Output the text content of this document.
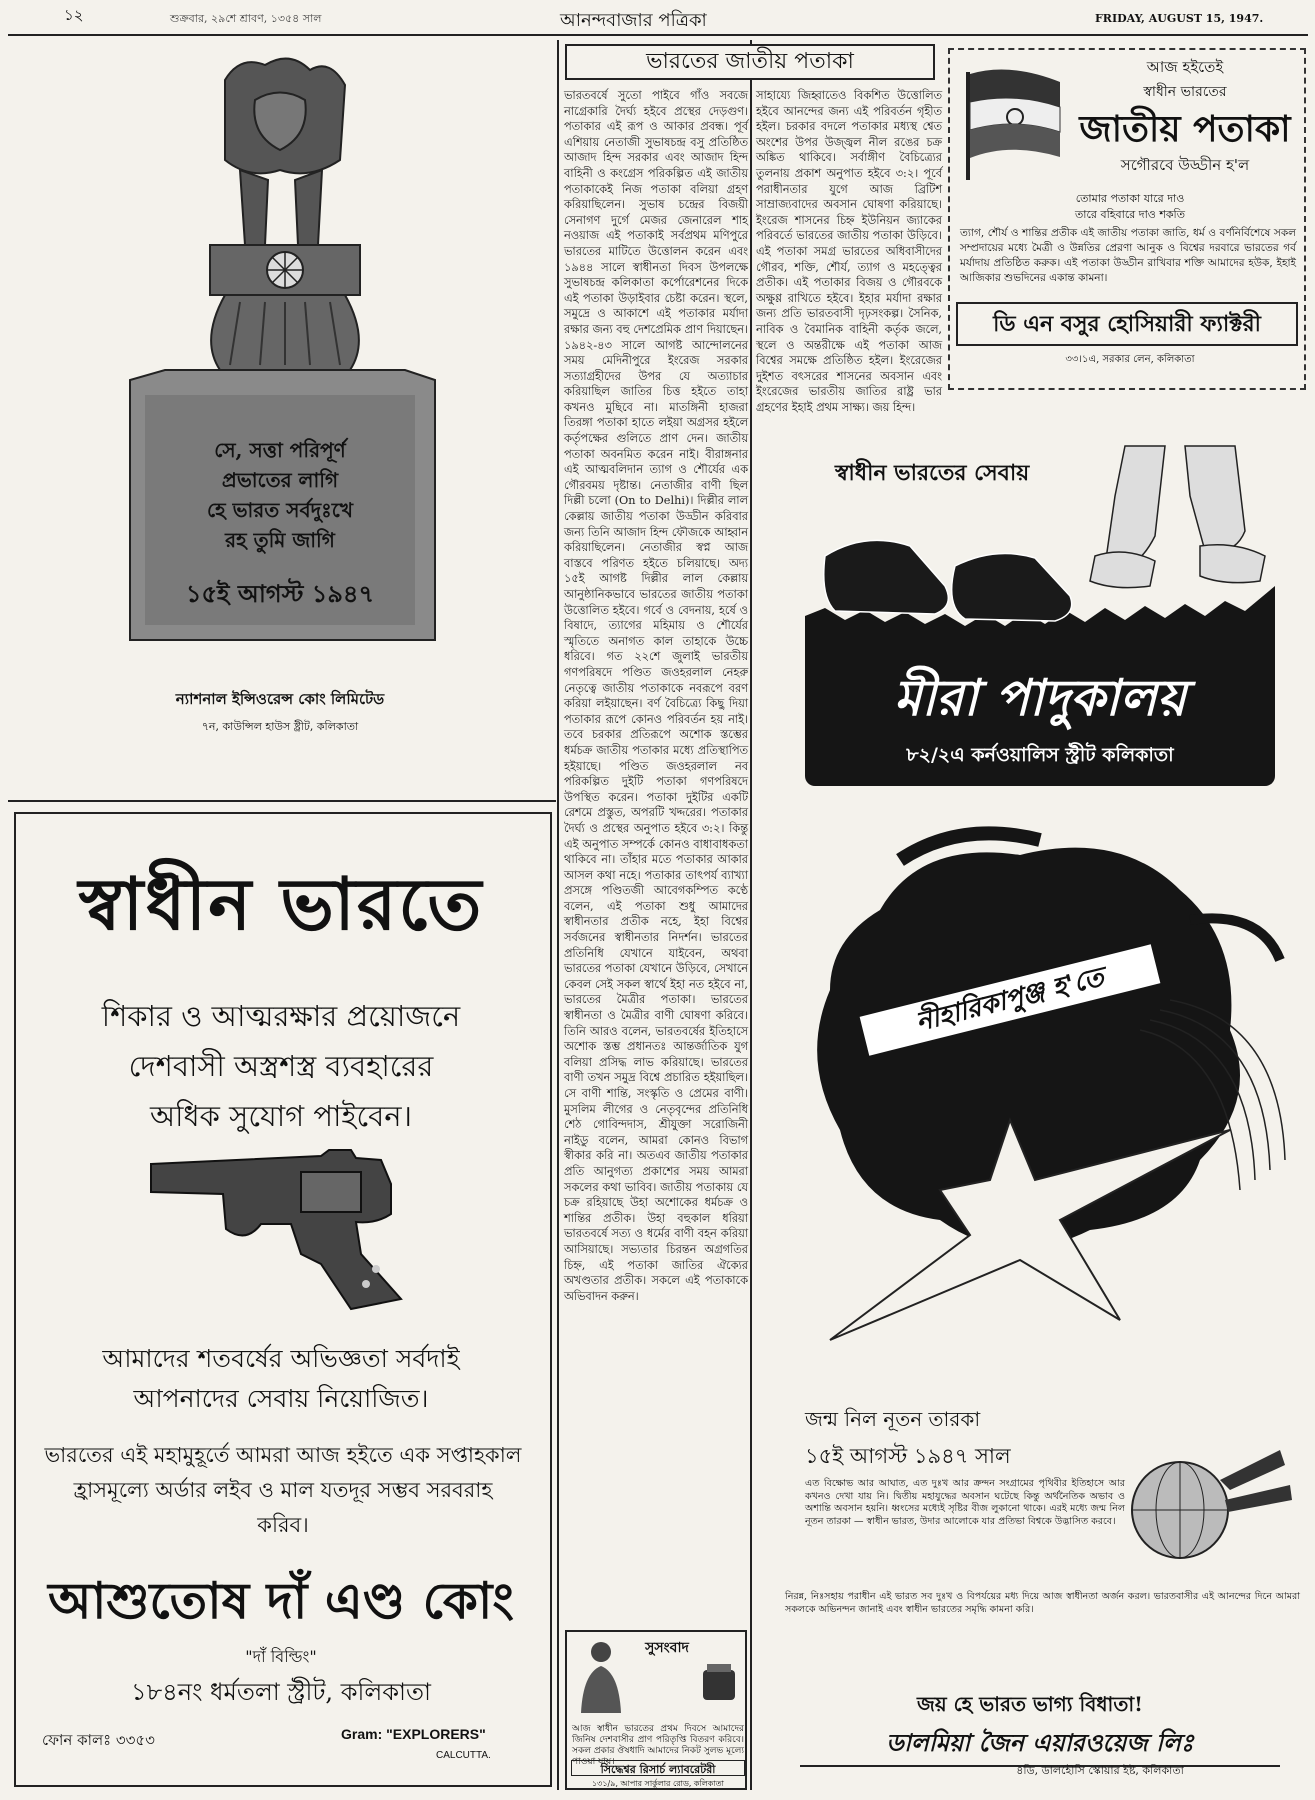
১২	শুক্রবার, ২৯শে শ্রাবণ, ১৩৫৪ সাল	আনন্দবাজার পত্রিকা	FRIDAY, AUGUST 15, 1947.
সে, সত্তা পরিপূর্ণ
প্রভাতের লাগি
হে ভারত সর্বদুঃখে
রহ তুমি জাগি
১৫ই আগস্ট ১৯৪৭
ন্যাশনাল ইন্সিওরেন্স কোং লিমিটেড
৭ন, কাউন্সিল হাউস ষ্ট্রীট, কলিকাতা
ভারতের জাতীয় পতাকা
ভারতবর্ষে সুতো পাইবে গাঁও সবজে নাগ্রেকারি দৈর্ঘ্য হইবে প্রস্থের দেড়গুণ। পতাকার এই রূপ ও আকার প্রবন্ধ। পূর্ব এশিয়ায় নেতাজী সুভাষচন্দ্র বসু প্রতিষ্ঠিত আজাদ হিন্দ সরকার এবং আজাদ হিন্দ বাহিনী ও কংগ্রেস পরিকল্পিত এই জাতীয় পতাকাকেই নিজ পতাকা বলিয়া গ্রহণ করিয়াছিলেন। সুভাষ চন্দ্রের বিজয়ী সেনাগণ দুর্গে মেজর জেনারেল শাহ নওয়াজ এই পতাকাই সর্বপ্রথম মণিপুরে ভারতের মাটিতে উত্তোলন করেন এবং ১৯৪৪ সালে স্বাধীনতা দিবস উপলক্ষে সুভাষচন্দ্র কলিকাতা কর্পোরেশনের দিকে এই পতাকা উড়াইবার চেষ্টা করেন। স্থলে, সমুদ্রে ও আকাশে এই পতাকার মর্যাদা রক্ষার জন্য বহু দেশপ্রেমিক প্রাণ দিয়াছেন। ১৯৪২-৪৩ সালে আগষ্ট আন্দোলনের সময় মেদিনীপুরে ইংরেজ সরকার সত্যাগ্রহীদের উপর যে অত্যাচার করিয়াছিল জাতির চিত্ত হইতে তাহা কখনও মুছিবে না। মাতঙ্গিনী হাজরা তিরঙ্গা পতাকা হাতে লইয়া অগ্রসর হইলে কর্তৃপক্ষের গুলিতে প্রাণ দেন। জাতীয় পতাকা অবনমিত করেন নাই। বীরাঙ্গনার এই আত্মবলিদান ত্যাগ ও শৌর্যের এক গৌরবময় দৃষ্টান্ত। নেতাজীর বাণী ছিল দিল্লী চলো (On to Delhi)। দিল্লীর লাল কেল্লায় জাতীয় পতাকা উড্ডীন করিবার জন্য তিনি আজাদ হিন্দ ফৌজকে আহ্বান করিয়াছিলেন। নেতাজীর স্বপ্ন আজ বাস্তবে পরিণত হইতে চলিয়াছে। অদ্য ১৫ই আগষ্ট দিল্লীর লাল কেল্লায় আনুষ্ঠানিকভাবে ভারতের জাতীয় পতাকা উত্তোলিত হইবে। গর্বে ও বেদনায়, হর্ষে ও বিষাদে, ত্যাগের মহিমায় ও শৌর্যের স্মৃতিতে অনাগত কাল তাহাকে উচ্চে ধরিবে। গত ২২শে জুলাই ভারতীয় গণপরিষদে পণ্ডিত জওহরলাল নেহরু নেতৃত্বে জাতীয় পতাকাকে নবরূপে বরণ করিয়া লইয়াছেন। বর্ণ বৈচিত্র্যে কিছু দিয়া পতাকার রূপে কোনও পরিবর্তন হয় নাই। তবে চরকার প্রতিরূপে অশোক স্তম্ভের ধর্মচক্র জাতীয় পতাকার মধ্যে প্রতিস্থাপিত হইয়াছে। পণ্ডিত জওহরলাল নব পরিকল্পিত দুইটি পতাকা গণপরিষদে উপস্থিত করেন। পতাকা দুইটির একটি রেশমে প্রস্তুত, অপরটি খদ্দরের। পতাকার দৈর্ঘ্য ও প্রস্থের অনুপাত হইবে ৩:২। কিন্তু এই অনুপাত সম্পর্কে কোনও বাধাবাধকতা থাকিবে না। তাঁহার মতে পতাকার আকার আসল কথা নহে। পতাকার তাৎপর্য ব্যাখ্যা প্রসঙ্গে পণ্ডিতজী আবেগকম্পিত কণ্ঠে বলেন, এই পতাকা শুধু আমাদের স্বাধীনতার প্রতীক নহে, ইহা বিশ্বের সর্বজনের স্বাধীনতার নিদর্শন। ভারতের প্রতিনিধি যেখানে যাইবেন, অথবা ভারতের পতাকা যেখানে উড়িবে, সেখানে কেবল সেই সকল স্বার্থে ইহা নত হইবে না, ভারতের মৈত্রীর পতাকা। ভারতের স্বাধীনতা ও মৈত্রীর বাণী ঘোষণা করিবে। তিনি আরও বলেন, ভারতবর্ষের ইতিহাসে অশোক স্তম্ভ প্রধানতঃ আন্তর্জাতিক যুগ বলিয়া প্রসিদ্ধ লাভ করিয়াছে। ভারতের বাণী তখন সমুদ্র বিশ্বে প্রচারিত হইয়াছিল। সে বাণী শান্তি, সংস্কৃতি ও প্রেমের বাণী। মুসলিম লীগের ও নেতৃবৃন্দের প্রতিনিধি শেঠ গোবিন্দদাস, শ্রীযুক্তা সরোজিনী নাইডু বলেন, আমরা কোনও বিভাগ স্বীকার করি না। অতএব জাতীয় পতাকার প্রতি আনুগত্য প্রকাশের সময় আমরা সকলের কথা ভাবিব। জাতীয় পতাকায় যে চক্র রহিয়াছে উহা অশোকের ধর্মচক্র ও শান্তির প্রতীক। উহা বহুকাল ধরিয়া ভারতবর্ষে সত্য ও ধর্মের বাণী বহন করিয়া আসিয়াছে। সভ্যতার চিরন্তন অগ্রগতির চিহ্ন, এই পতাকা জাতির ঐক্যের অখণ্ডতার প্রতীক। সকলে এই পতাকাকে অভিবাদন করুন।
সাহায্যে জিহ্বাতেও বিকশিত উত্তোলিত হইবে আনন্দের জন্য এই পরিবর্তন গৃহীত হইল। চরকার বদলে পতাকার মধ্যস্থ শ্বেত অংশের উপর উজ্জ্বল নীল রঙের চক্র অঙ্কিত থাকিবে। সর্বাঙ্গীণ বৈচিত্র্যের তুলনায় প্রকাশ অনুপাত হইবে ৩:২। পূর্বে পরাধীনতার যুগে আজ ব্রিটিশ সাম্রাজ্যবাদের অবসান ঘোষণা করিয়াছে। ইংরেজ শাসনের চিহ্ন ইউনিয়ন জ্যাকের পরিবর্তে ভারতের জাতীয় পতাকা উড়িবে। এই পতাকা সমগ্র ভারতের অধিবাসীদের গৌরব, শক্তি, শৌর্য, ত্যাগ ও মহত্ত্বের প্রতীক। এই পতাকার বিজয় ও গৌরবকে অক্ষুণ্ণ রাখিতে হইবে। ইহার মর্যাদা রক্ষার জন্য প্রতি ভারতবাসী দৃঢ়সংকল্প। সৈনিক, নাবিক ও বৈমানিক বাহিনী কর্তৃক জলে, স্থলে ও অন্তরীক্ষে এই পতাকা আজ বিশ্বের সমক্ষে প্রতিষ্ঠিত হইল। ইংরেজের দুইশত বৎসরের শাসনের অবসান এবং ইংরেজের ভারতীয় জাতির রাষ্ট্র ভার গ্রহণের ইহাই প্রথম সাক্ষ্য। জয় হিন্দ।
আজ হইতেই
স্বাধীন ভারতের
জাতীয় পতাকা
সগৌরবে উড্ডীন হ'ল
তোমার পতাকা যারে দাও
তারে বহিবারে দাও শকতি
ত্যাগ, শৌর্য ও শান্তির প্রতীক এই জাতীয় পতাকা জাতি, ধর্ম ও বর্ণনির্বিশেষে সকল সম্প্রদায়ের মধ্যে মৈত্রী ও উন্নতির প্রেরণা আনুক ও বিশ্বের দরবারে ভারতের গর্ব মর্যাদায় প্রতিষ্ঠিত করুক। এই পতাকা উড্ডীন রাখিবার শক্তি আমাদের হউক, ইহাই আজিকার শুভদিনের একান্ত কামনা।
ডি এন বসুর হোসিয়ারী ফ্যাক্টরী
৩৩।১এ, সরকার লেন, কলিকাতা
স্বাধীন ভারতের সেবায়
মীরা পাদুকালয়
৮২/২এ কর্নওয়ালিস স্ট্রীট কলিকাতা
স্বাধীন ভারতে
শিকার ও আত্মরক্ষার প্রয়োজনে
দেশবাসী অস্ত্রশস্ত্র ব্যবহারের
অধিক সুযোগ পাইবেন।
আমাদের শতবর্ষের অভিজ্ঞতা সর্বদাই
আপনাদের সেবায় নিয়োজিত।
ভারতের এই মহামুহূর্তে আমরা আজ হইতে এক সপ্তাহকাল
হ্রাসমূল্যে অর্ডার লইব ও মাল যতদূর সম্ভব সরবরাহ
করিব।
আশুতোষ দাঁ এণ্ড কোং
"দাঁ বিল্ডিং"
১৮৪নং ধর্মতলা স্ট্রীট, কলিকাতা
ফোন কালঃ ৩৩৫৩	Gram: "EXPLORERS"
CALCUTTA.
সুসংবাদ
আজ স্বাধীন ভারতের প্রথম দিবসে আমাদের জিনিষ দেশবাসীর প্রাণ পরিতৃপ্তি বিতরণ করিবে। সকল প্রকার ঔষধাদি আমাদের নিকট সুলভ মূল্যে পাওয়া যায়।
সিদ্ধেশ্বর রিসার্চ ল্যাবরেটরী
১৩১/৯, আপার সার্কুলার রোড, কলিকাতা
নীহারিকাপুঞ্জ হ'তে
জন্ম নিল নূতন তারকা
১৫ই আগস্ট ১৯৪৭ সাল
এত বিক্ষোভ আর আঘাত, এত দুঃখ আর ক্রন্দন সংগ্রামের পৃথিবীর ইতিহাসে আর কখনও দেখা যায় নি। দ্বিতীয় মহাযুদ্ধের অবসান ঘটেছে কিন্তু অর্থনৈতিক অভাব ও অশান্তি অবসান হয়নি। ধ্বংসের মধ্যেই সৃষ্টির বীজ লুকানো থাকে। এরই মধ্যে জন্ম নিল নূতন তারকা — স্বাধীন ভারত, উদার আলোকে যার প্রতিভা বিশ্বকে উদ্ভাসিত করবে।
নিরন্ন, নিঃসহায় পরাধীন এই ভারত সব দুঃখ ও বিপর্যয়ের মধ্য দিয়ে আজ স্বাধীনতা অর্জন করল। ভারতবাসীর এই আনন্দের দিনে আমরা সকলকে অভিনন্দন জানাই এবং স্বাধীন ভারতের সমৃদ্ধি কামনা করি।
জয় হে ভারত ভাগ্য বিধাতা!
ডালমিয়া জৈন এয়ারওয়েজ লিঃ
৪ডি, ডালহৌসি স্কোয়ার ইষ্ট, কলিকাতা
